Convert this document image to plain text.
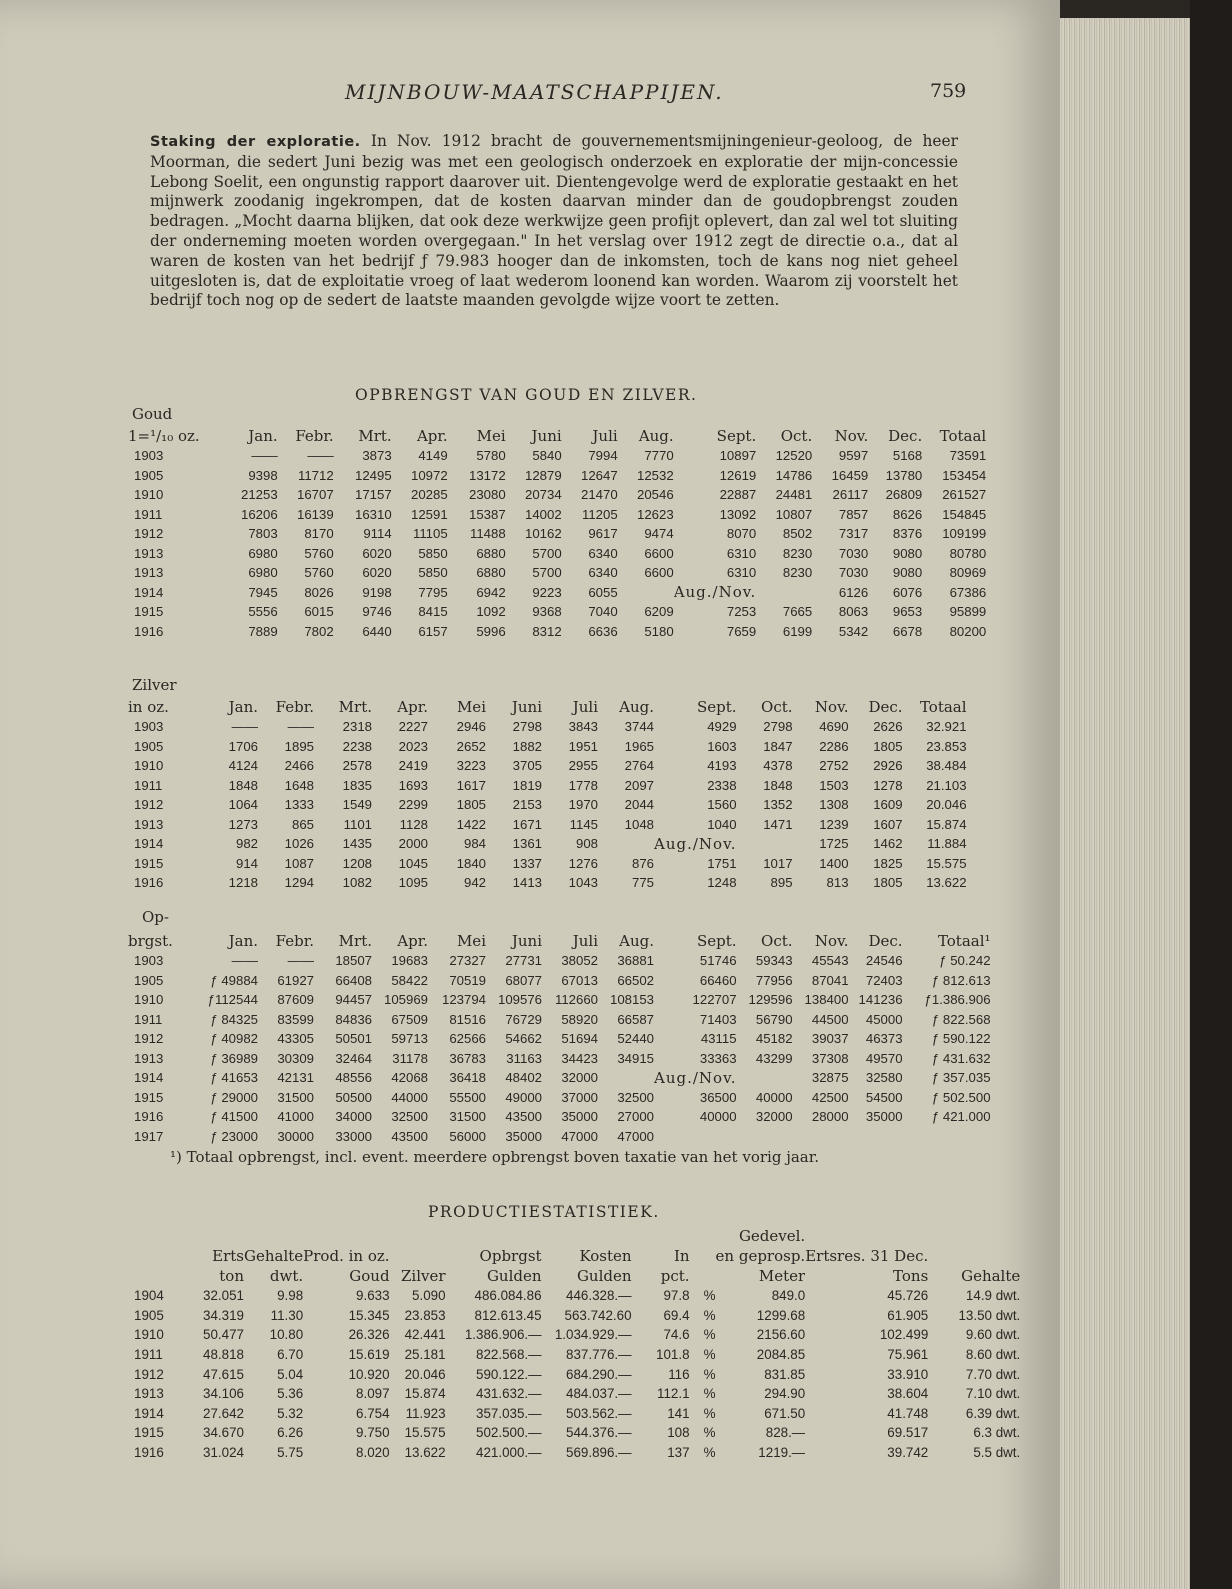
MIJNBOUW-MAATSCHAPPIJEN.	759

Staking der exploratie. In Nov. 1912 bracht de gouvernementsmijningenieur-geoloog, de heer Moorman, die sedert Juni bezig was met een geologisch onderzoek en exploratie der mijn-concessie Lebong Soelit, een ongunstig rapport daarover uit. Dientengevolge werd de exploratie gestaakt en het mijnwerk zoodanig ingekrompen, dat de kosten daarvan minder dan de goudopbrengst zouden bedragen. „Mocht daarna blijken, dat ook deze werkwijze geen profijt oplevert, dan zal wel tot sluiting der onderneming moeten worden overgegaan." In het verslag over 1912 zegt de directie o.a., dat al waren de kosten van het bedrijf ƒ 79.983 hooger dan de inkomsten, toch de kans nog niet geheel uitgesloten is, dat de exploitatie vroeg of laat wederom loonend kan worden. Waarom zij voorstelt het bedrijf toch nog op de sedert de laatste maanden gevolgde wijze voort te zetten.

OPBRENGST VAN GOUD EN ZILVER.
Goud
1=¹/₁₀ oz.	Jan.	Febr.	Mrt.	Apr.	Mei	Juni	Juli	Aug.	Sept.	Oct.	Nov.	Dec.	Totaal
1903	——	——	3873	4149	5780	5840	7994	7770	10897	12520	9597	5168	73591
1905	9398	11712	12495	10972	13172	12879	12647	12532	12619	14786	16459	13780	153454
1910	21253	16707	17157	20285	23080	20734	21470	20546	22887	24481	26117	26809	261527
1911	16206	16139	16310	12591	15387	14002	11205	12623	13092	10807	7857	8626	154845
1912	7803	8170	9114	11105	11488	10162	9617	9474	8070	8502	7317	8376	109199
1913	6980	5760	6020	5850	6880	5700	6340	6600	6310	8230	7030	9080	80780
1913	6980	5760	6020	5850	6880	5700	6340	6600	6310	8230	7030	9080	80969
1914	7945	8026	9198	7795	6942	9223	6055		Aug./Nov.		6126	6076	67386
1915	5556	6015	9746	8415	1092	9368	7040	6209	7253	7665	8063	9653	95899
1916	7889	7802	6440	6157	5996	8312	6636	5180	7659	6199	5342	6678	80200
Zilver
in oz.	Jan.	Febr.	Mrt.	Apr.	Mei	Juni	Juli	Aug.	Sept.	Oct.	Nov.	Dec.	Totaal
1903	——	——	2318	2227	2946	2798	3843	3744	4929	2798	4690	2626	32.921
1905	1706	1895	2238	2023	2652	1882	1951	1965	1603	1847	2286	1805	23.853
1910	4124	2466	2578	2419	3223	3705	2955	2764	4193	4378	2752	2926	38.484
1911	1848	1648	1835	1693	1617	1819	1778	2097	2338	1848	1503	1278	21.103
1912	1064	1333	1549	2299	1805	2153	1970	2044	1560	1352	1308	1609	20.046
1913	1273	865	1101	1128	1422	1671	1145	1048	1040	1471	1239	1607	15.874
1914	982	1026	1435	2000	984	1361	908		Aug./Nov.		1725	1462	11.884
1915	914	1087	1208	1045	1840	1337	1276	876	1751	1017	1400	1825	15.575
1916	1218	1294	1082	1095	942	1413	1043	775	1248	895	813	1805	13.622
Op-
brgst.	Jan.	Febr.	Mrt.	Apr.	Mei	Juni	Juli	Aug.	Sept.	Oct.	Nov.	Dec.	Totaal¹
1903	——	——	18507	19683	27327	27731	38052	36881	51746	59343	45543	24546	ƒ 50.242
1905	ƒ 49884	61927	66408	58422	70519	68077	67013	66502	66460	77956	87041	72403	ƒ 812.613
1910	ƒ112544	87609	94457	105969	123794	109576	112660	108153	122707	129596	138400	141236	ƒ1.386.906
1911	ƒ 84325	83599	84836	67509	81516	76729	58920	66587	71403	56790	44500	45000	ƒ 822.568
1912	ƒ 40982	43305	50501	59713	62566	54662	51694	52440	43115	45182	39037	46373	ƒ 590.122
1913	ƒ 36989	30309	32464	31178	36783	31163	34423	34915	33363	43299	37308	49570	ƒ 431.632
1914	ƒ 41653	42131	48556	42068	36418	48402	32000		Aug./Nov.		32875	32580	ƒ 357.035
1915	ƒ 29000	31500	50500	44000	55500	49000	37000	32500	36500	40000	42500	54500	ƒ 502.500
1916	ƒ 41500	41000	34000	32500	31500	43500	35000	27000	40000	32000	28000	35000	ƒ 421.000
1917	ƒ 23000	30000	33000	43500	56000	35000	47000	47000					

¹) Totaal opbrengst, incl. event. meerdere opbrengst boven taxatie van het vorig jaar.

PRODUCTIESTATISTIEK.
									Gedevel.		
	Erts	Gehalte	Prod. in oz.		Opbrgst	Kosten	In		en geprosp.	Ertsres. 31 Dec.	
	ton	dwt.	Goud	Zilver	Gulden	Gulden	pct.		Meter	Tons	Gehalte
1904	32.051	9.98	9.633	5.090	486.084.86	446.328.—	97.8	%	849.0	45.726	14.9 dwt.
1905	34.319	11.30	15.345	23.853	812.613.45	563.742.60	69.4	%	1299.68	61.905	13.50 dwt.
1910	50.477	10.80	26.326	42.441	1.386.906.—	1.034.929.—	74.6	%	2156.60	102.499	9.60 dwt.
1911	48.818	6.70	15.619	25.181	822.568.—	837.776.—	101.8	%	2084.85	75.961	8.60 dwt.
1912	47.615	5.04	10.920	20.046	590.122.—	684.290.—	116	%	831.85	33.910	7.70 dwt.
1913	34.106	5.36	8.097	15.874	431.632.—	484.037.—	112.1	%	294.90	38.604	7.10 dwt.
1914	27.642	5.32	6.754	11.923	357.035.—	503.562.—	141	%	671.50	41.748	6.39 dwt.
1915	34.670	6.26	9.750	15.575	502.500.—	544.376.—	108	%	828.—	69.517	6.3 dwt.
1916	31.024	5.75	8.020	13.622	421.000.—	569.896.—	137	%	1219.—	39.742	5.5 dwt.
